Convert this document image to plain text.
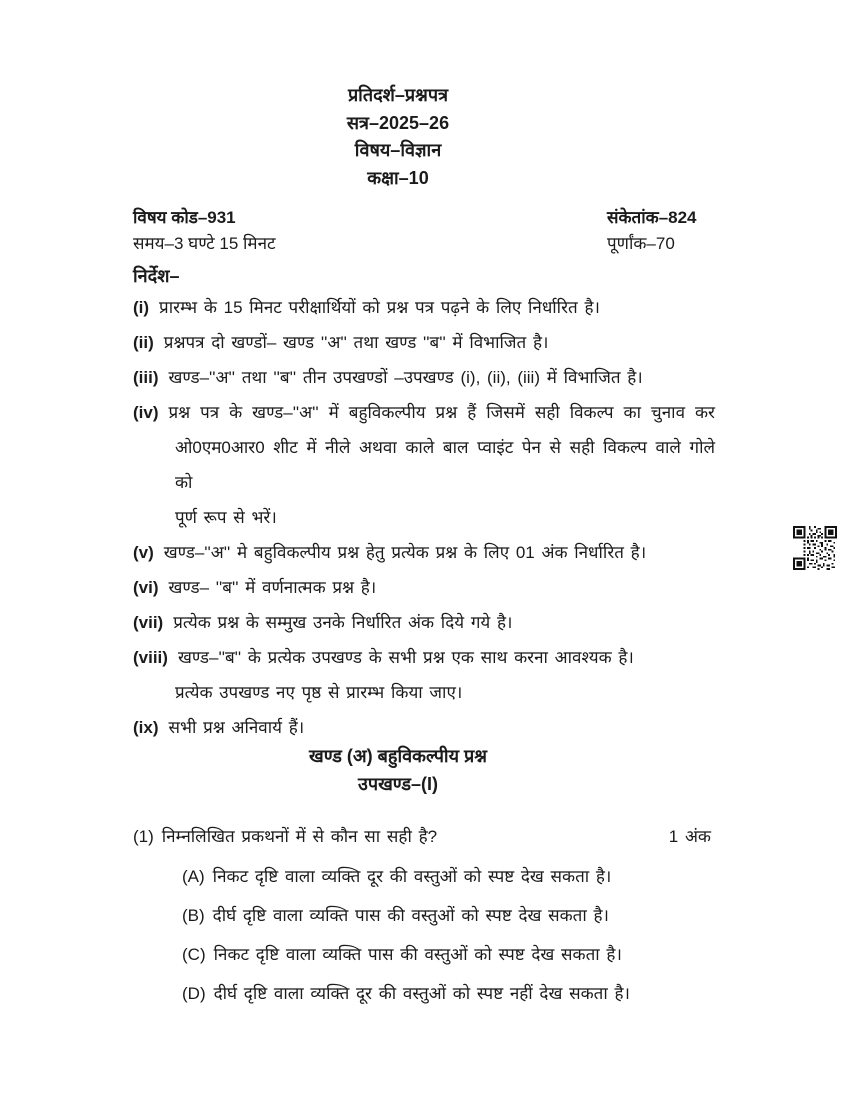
प्रतिदर्श–प्रश्नपत्र
सत्र–2025–26
विषय–विज्ञान
कक्षा–10
विषय कोड–931
समय–3 घण्टे 15 मिनट
संकेतांक–824
पूर्णांक–70
निर्देश–
(i) प्रारम्भ के 15 मिनट परीक्षार्थियों को प्रश्न पत्र पढ़ने के लिए निर्धारित है।
(ii) प्रश्नपत्र दो खण्डों– खण्ड ''अ'' तथा खण्ड ''ब'' में विभाजित है।
(iii) खण्ड–''अ'' तथा ''ब'' तीन उपखण्डों –उपखण्ड (i), (ii), (iii) में विभाजित है।
(iv) प्रश्न पत्र के खण्ड–''अ'' में बहुविकल्पीय प्रश्न हैं जिसमें सही विकल्प का चुनाव कर
ओ0एम0आर0 शीट में नीले अथवा काले बाल प्वाइंट पेन से सही विकल्प वाले गोले को
पूर्ण रूप से भरें।
(v) खण्ड–''अ'' मे बहुविकल्पीय प्रश्न हेतु प्रत्येक प्रश्न के लिए 01 अंक निर्धारित है।
(vi) खण्ड– ''ब'' में वर्णनात्मक प्रश्न है।
(vii) प्रत्येक प्रश्न के सम्मुख उनके निर्धारित अंक दिये गये है।
(viii) खण्ड–''ब'' के प्रत्येक उपखण्ड के सभी प्रश्न एक साथ करना आवश्यक है।
प्रत्येक उपखण्ड नए पृष्ठ से प्रारम्भ किया जाए।
(ix) सभी प्रश्न अनिवार्य हैं।
खण्ड (अ) बहुविकल्पीय प्रश्न
उपखण्ड–(I)
(1) निम्नलिखित प्रकथनों में से कौन सा सही है?	1 अंक
(A) निकट दृष्टि वाला व्यक्ति दूर की वस्तुओं को स्पष्ट देख सकता है।
(B) दीर्घ दृष्टि वाला व्यक्ति पास की वस्तुओं को स्पष्ट देख सकता है।
(C) निकट दृष्टि वाला व्यक्ति पास की वस्तुओं को स्पष्ट देख सकता है।
(D) दीर्घ दृष्टि वाला व्यक्ति दूर की वस्तुओं को स्पष्ट नहीं देख सकता है।
